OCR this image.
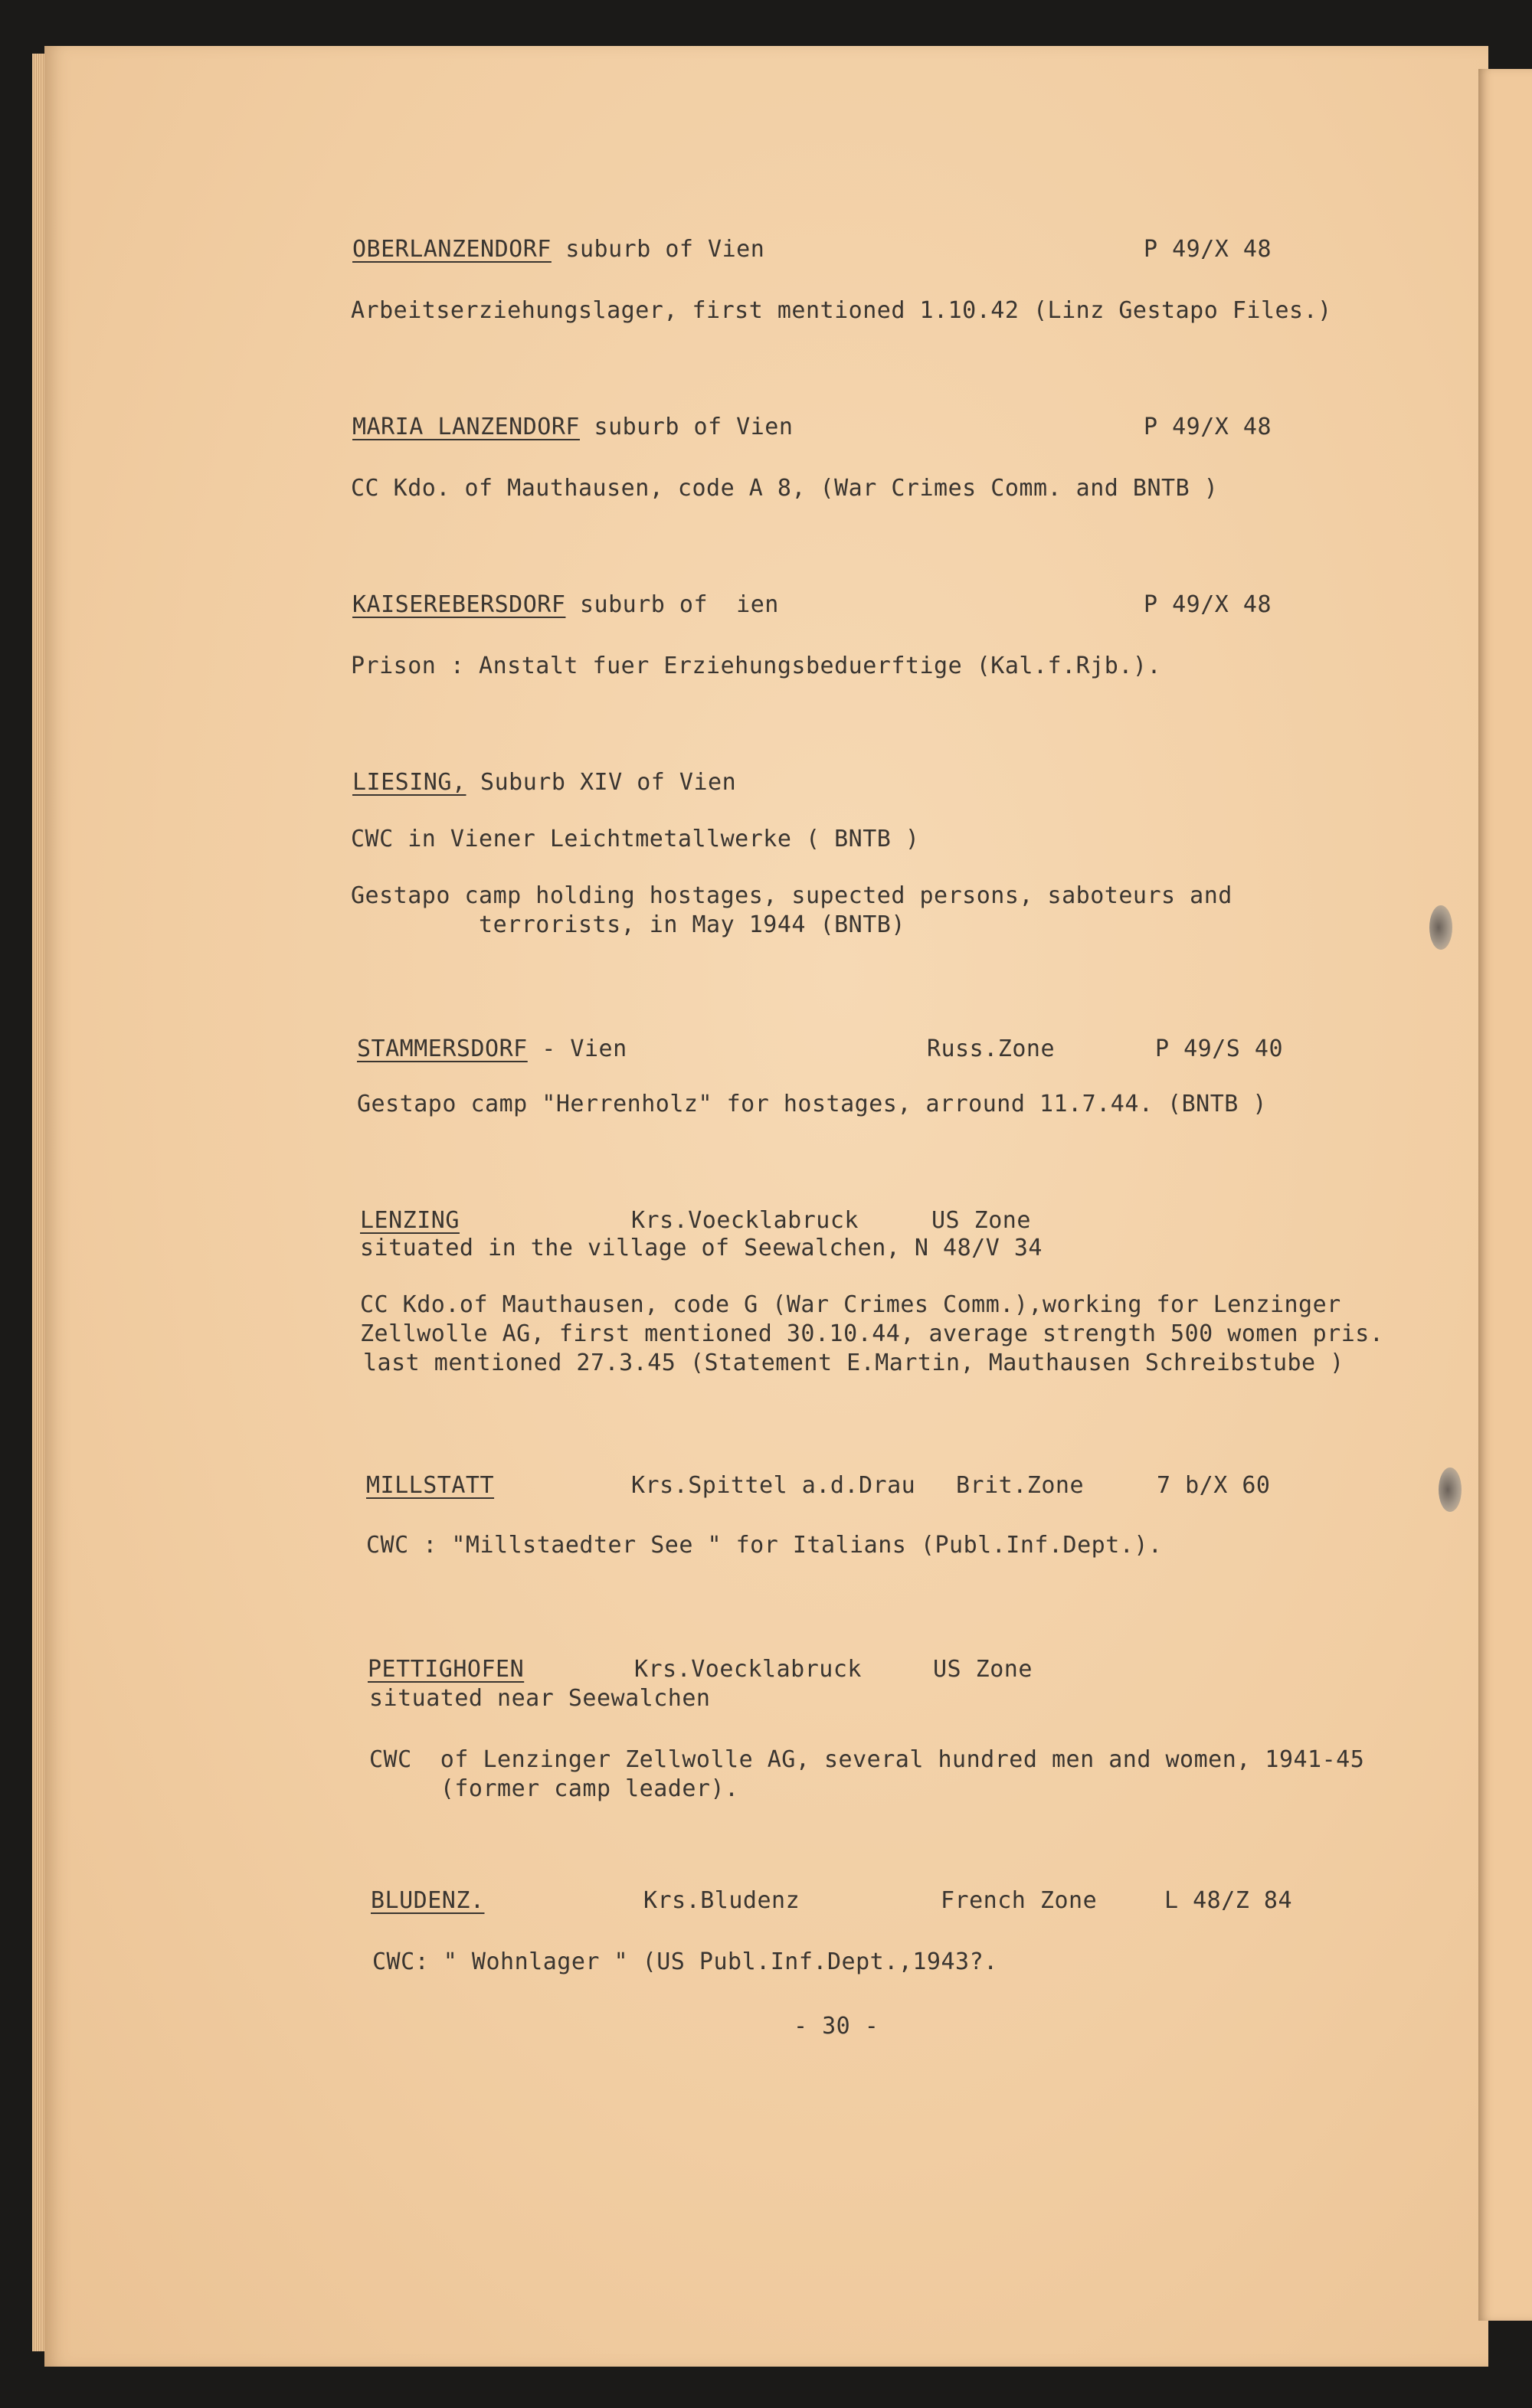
OBERLANZENDORF suburb of Vien	P 49/X 48
Arbeitserziehungslager, first mentioned 1.10.42 (Linz Gestapo Files.)
MARIA LANZENDORF suburb of Vien	P 49/X 48
CC Kdo. of Mauthausen, code A 8, (War Crimes Comm. and BNTB )
KAISEREBERSDORF suburb of  ien	P 49/X 48
Prison : Anstalt fuer Erziehungsbeduerftige (Kal.f.Rjb.).
LIESING, Suburb XIV of Vien
CWC in Viener Leichtmetallwerke ( BNTB )
Gestapo camp holding hostages, supected persons, saboteurs and
terrorists, in May 1944 (BNTB)
STAMMERSDORF - Vien	Russ.Zone	P 49/S 40
Gestapo camp "Herrenholz" for hostages, arround 11.7.44. (BNTB )
LENZING	Krs.Voecklabruck	US Zone
situated in the village of Seewalchen, N 48/V 34
CC Kdo.of Mauthausen, code G (War Crimes Comm.),working for Lenzinger
Zellwolle AG, first mentioned 30.10.44, average strength 500 women pris.
last mentioned 27.3.45 (Statement E.Martin, Mauthausen Schreibstube )
MILLSTATT	Krs.Spittel a.d.Drau Brit.Zone	7 b/X 60
CWC : "Millstaedter See " for Italians (Publ.Inf.Dept.).
PETTIGHOFEN	Krs.Voecklabruck	US Zone
situated near Seewalchen
CWC  of Lenzinger Zellwolle AG, several hundred men and women, 1941-45
(former camp leader).
BLUDENZ.	Krs.Bludenz	French Zone	L 48/Z 84
CWC: " Wohnlager " (US Publ.Inf.Dept.,1943?.
- 30 -
